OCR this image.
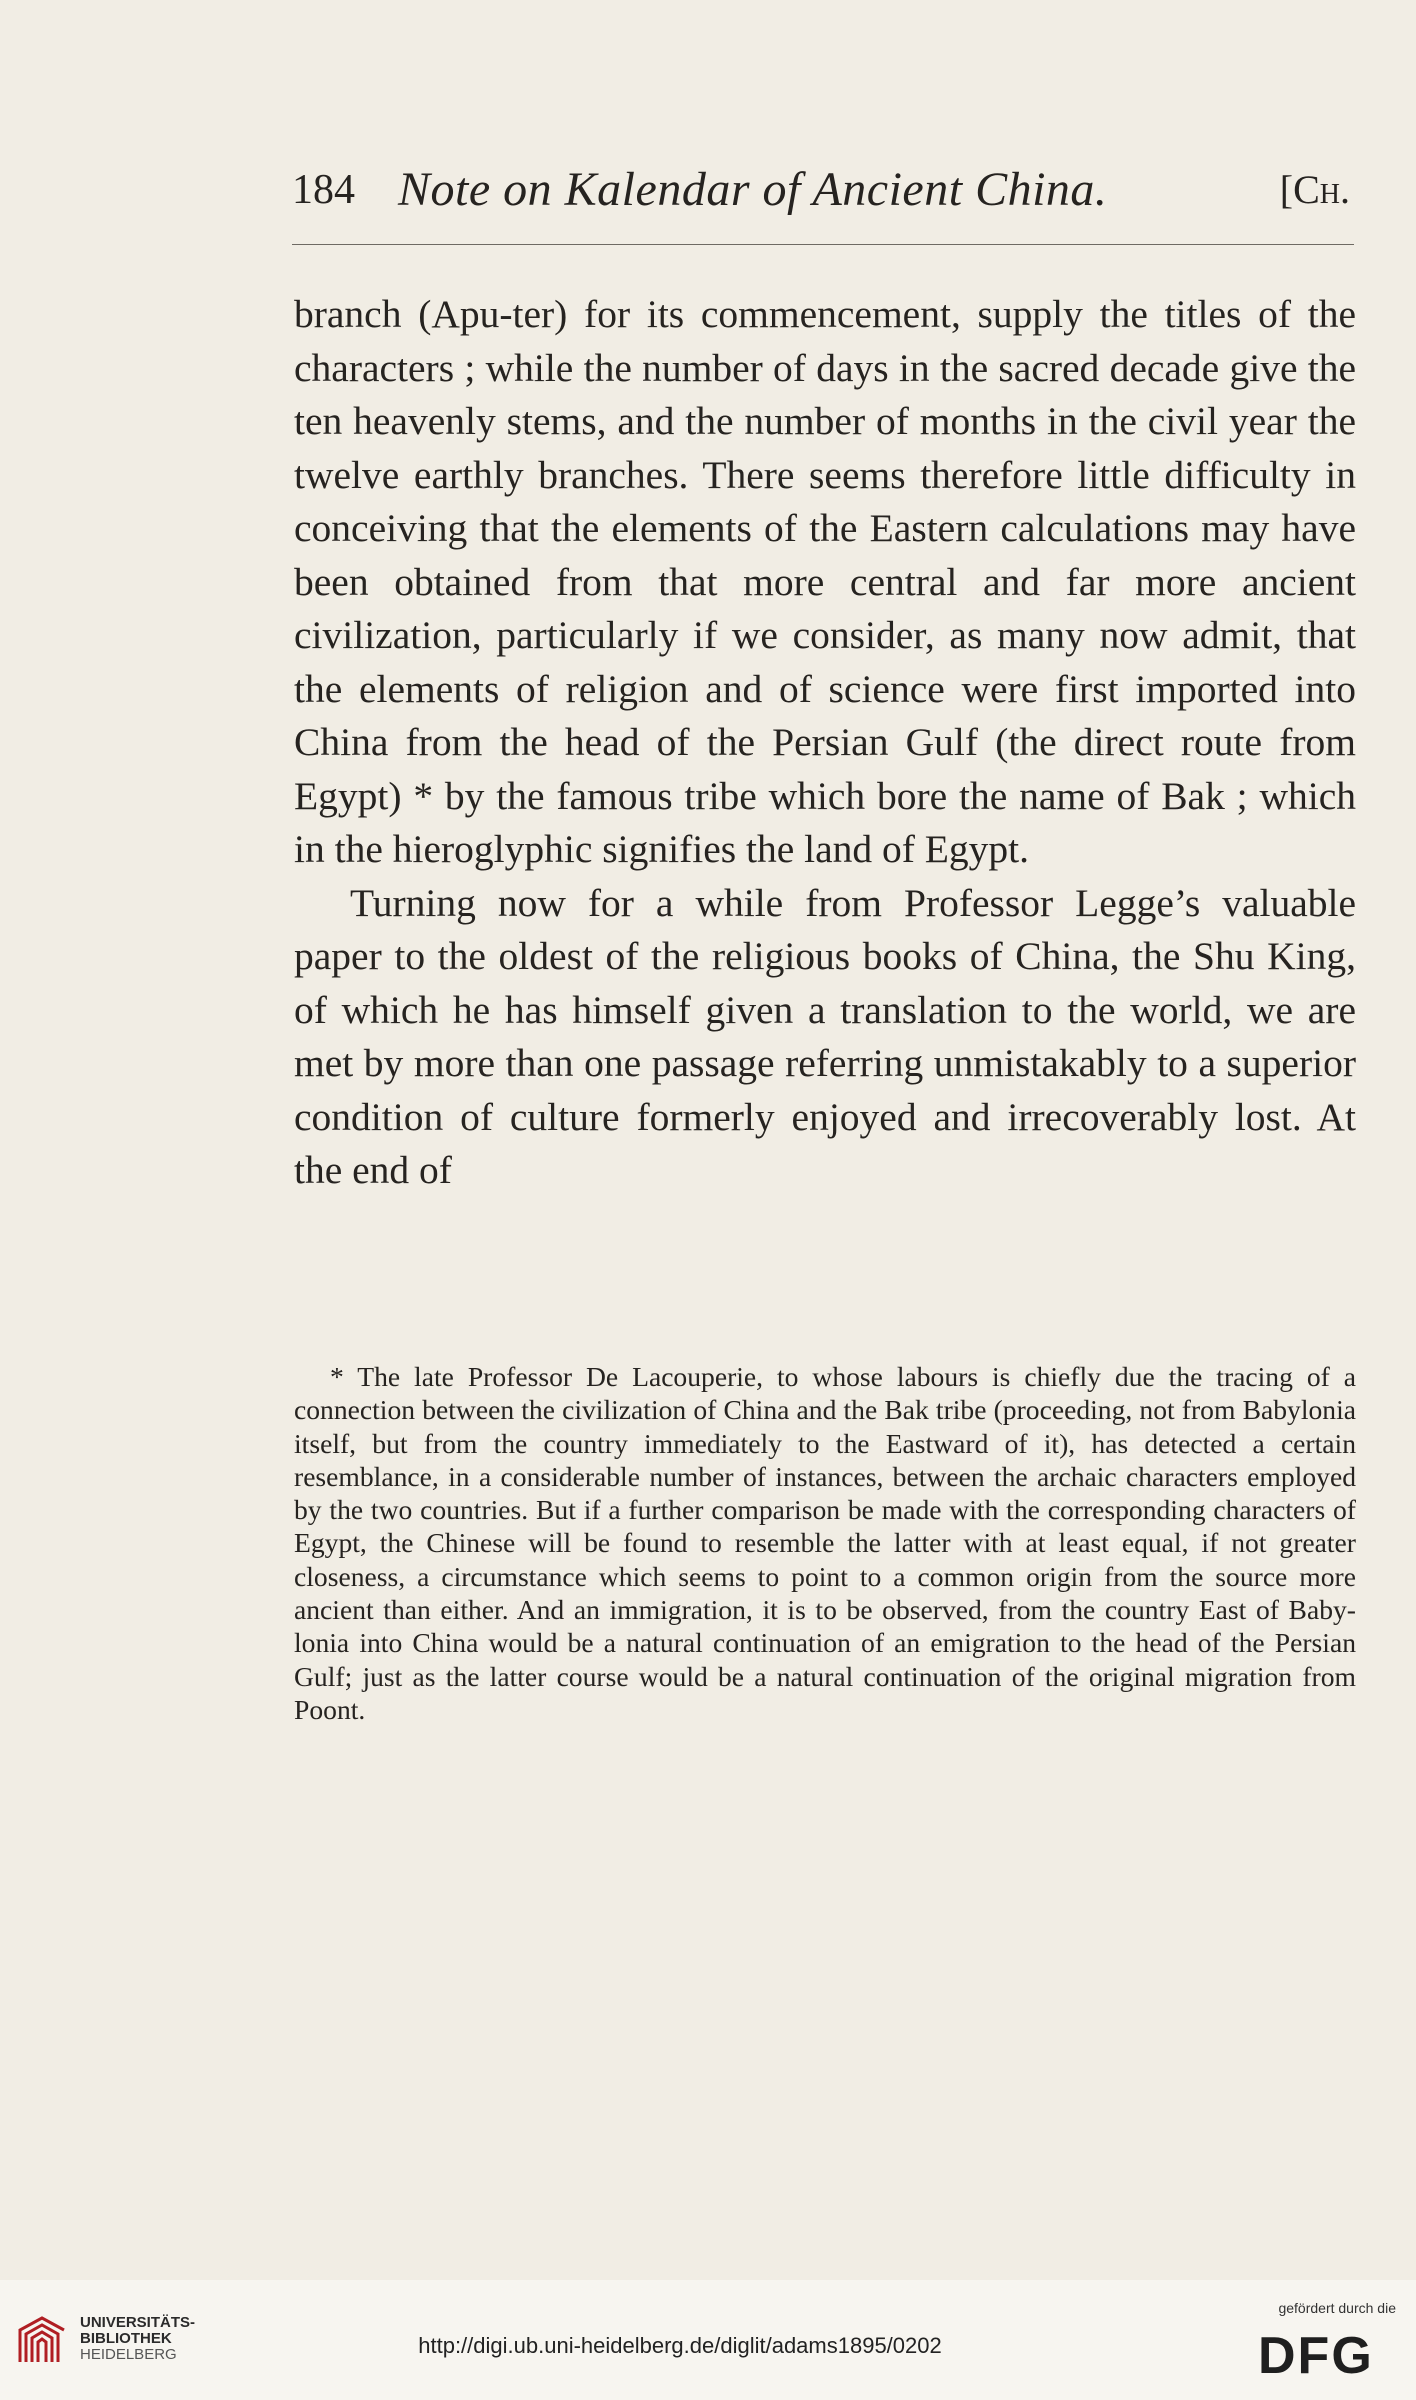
184 Note on Kalendar of Ancient China.	[Ch.

branch (Apu-ter) for its commencement, supply the titles of the characters ; while the number of days in the sacred decade give the ten heavenly stems, and the number of months in the civil year the twelve earthly branches. There seems therefore little difficulty in conceiving that the elements of the Eastern calculations may have been obtained from that more central and far more ancient civilization, particularly if we consider, as many now admit, that the elements of religion and of science were first imported into China from the head of the Persian Gulf (the direct route from Egypt) * by the famous tribe which bore the name of Bak ; which in the hieroglyphic signifies the land of Egypt.

Turning now for a while from Professor Legge’s valuable paper to the oldest of the religious books of China, the Shu King, of which he has himself given a translation to the world, we are met by more than one passage referring unmistakably to a superior condition of culture formerly enjoyed and irrecoverably lost. At the end of

* The late Professor De Lacouperie, to whose labours is chiefly due the tracing of a connection between the civilization of China and the Bak tribe (proceeding, not from Babylonia itself, but from the country immediately to the Eastward of it), has detected a certain resemblance, in a considerable number of instances, between the archaic characters employed by the two countries. But if a further comparison be made with the corresponding characters of Egypt, the Chinese will be found to resemble the latter with at least equal, if not greater closeness, a circumstance which seems to point to a common origin from the source more ancient than either. And an immigration, it is to be observed, from the country East of Babylonia into China would be a natural continuation of an emigration to the head of the Persian Gulf; just as the latter course would be a natural continuation of the original migration from Poont.

UNIVERSITÄTS-
BIBLIOTHEK
HEIDELBERG	http://digi.ub.uni-heidelberg.de/diglit/adams1895/0202
gefördert durch die
DFG
